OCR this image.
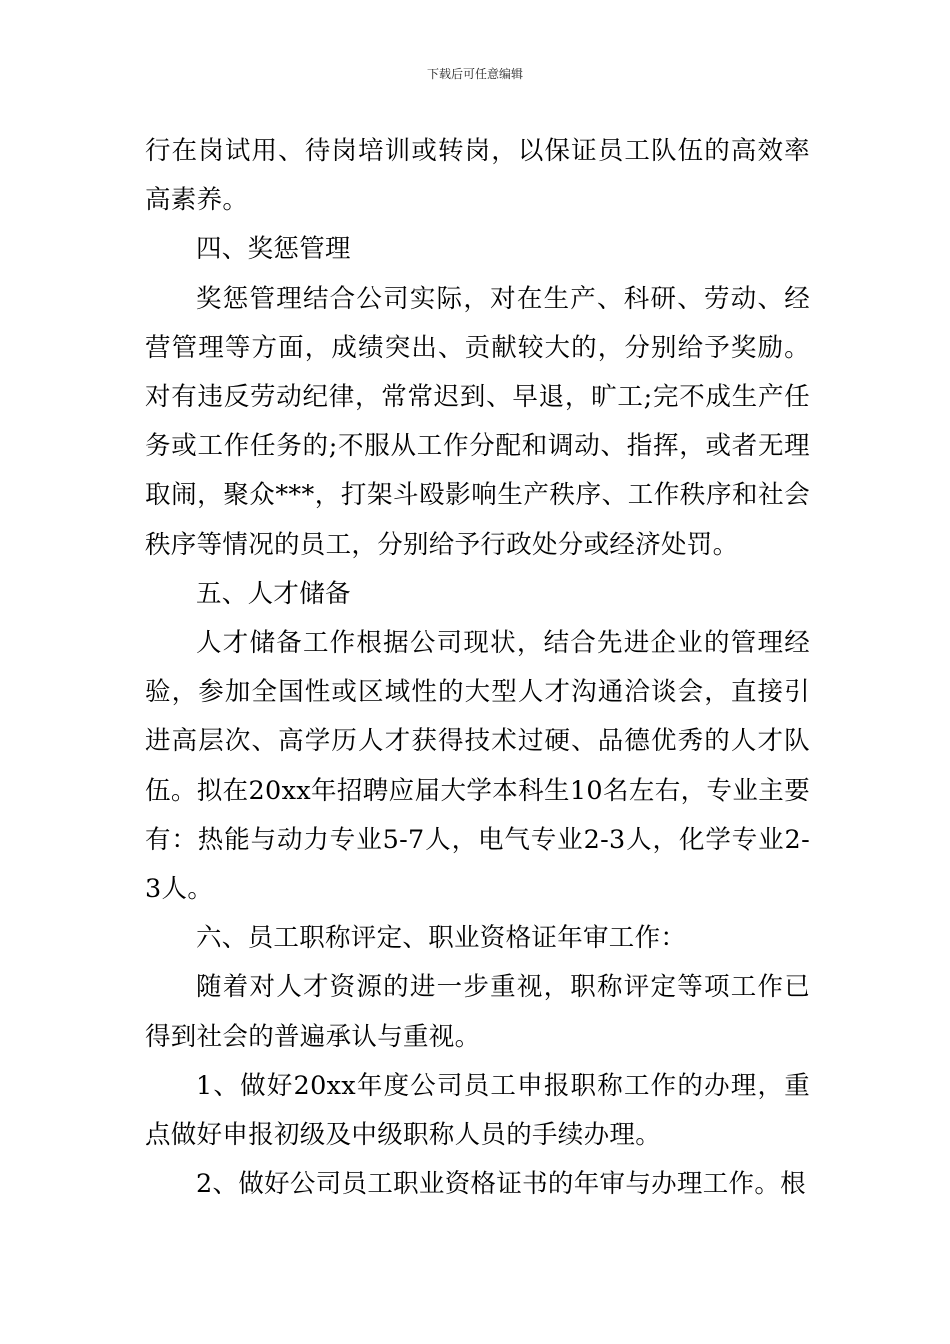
下载后可任意编辑

行在岗试用、待岗培训或转岗，以保证员工队伍的高效率高素养。

四、奖惩管理

奖惩管理结合公司实际，对在生产、科研、劳动、经营管理等方面，成绩突出、贡献较大的，分别给予奖励。对有违反劳动纪律，常常迟到、早退，旷工;完不成生产任务或工作任务的;不服从工作分配和调动、指挥，或者无理取闹，聚众***，打架斗殴影响生产秩序、工作秩序和社会秩序等情况的员工，分别给予行政处分或经济处罚。

五、人才储备

人才储备工作根据公司现状，结合先进企业的管理经验，参加全国性或区域性的大型人才沟通洽谈会，直接引进高层次、高学历人才获得技术过硬、品德优秀的人才队伍。拟在20xx年招聘应届大学本科生10名左右，专业主要有：热能与动力专业5-7人，电气专业2-3人，化学专业2-3人。

六、员工职称评定、职业资格证年审工作：

随着对人才资源的进一步重视，职称评定等项工作已得到社会的普遍承认与重视。

1、做好20xx年度公司员工申报职称工作的办理，重点做好申报初级及中级职称人员的手续办理。

2、做好公司员工职业资格证书的年审与办理工作。根
